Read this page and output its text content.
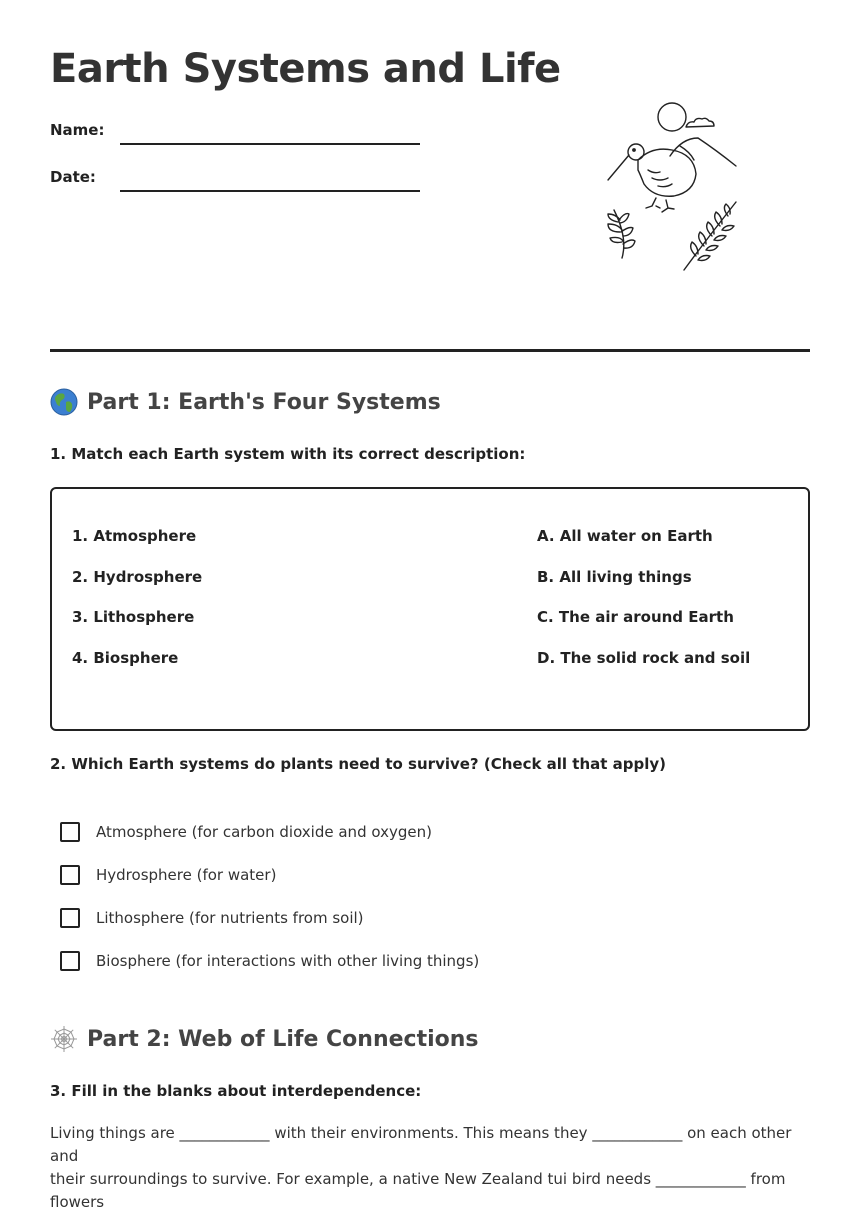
Earth Systems and Life
Name:
Date:
Part 1: Earth's Four Systems
1. Match each Earth system with its correct description:
1. Atmosphere
2. Hydrosphere
3. Lithosphere
4. Biosphere
A. All water on Earth
B. All living things
C. The air around Earth
D. The solid rock and soil
2. Which Earth systems do plants need to survive? (Check all that apply)
Atmosphere (for carbon dioxide and oxygen)
Hydrosphere (for water)
Lithosphere (for nutrients from soil)
Biosphere (for interactions with other living things)
Part 2: Web of Life Connections
3. Fill in the blanks about interdependence:
Living things are ____________ with their environments. This means they ____________ on each other and
their surroundings to survive. For example, a native New Zealand tui bird needs ____________ from flowers
